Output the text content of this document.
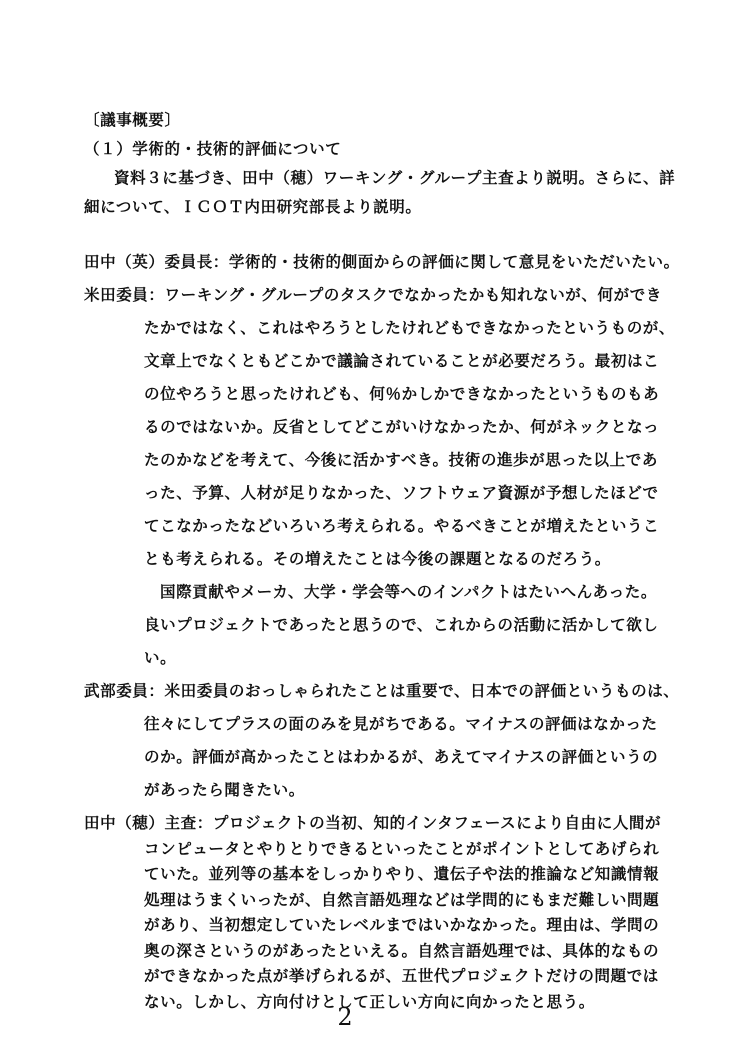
〔議事概要〕
（１）学術的・技術的評価について
資料３に基づき、田中（穂）ワーキング・グループ主査より説明。さらに、詳
細について、ＩＣＯＴ内田研究部長より説明。
田中（英）委員長：学術的・技術的側面からの評価に関して意見をいただいたい。
米田委員：ワーキング・グループのタスクでなかったかも知れないが、何ができ
たかではなく、これはやろうとしたけれどもできなかったというものが、
文章上でなくともどこかで議論されていることが必要だろう。最初はこ
の位やろうと思ったけれども、何％かしかできなかったというものもあ
るのではないか。反省としてどこがいけなかったか、何がネックとなっ
たのかなどを考えて、今後に活かすべき。技術の進歩が思った以上であ
った、予算、人材が足りなかった、ソフトウェア資源が予想したほどで
てこなかったなどいろいろ考えられる。やるべきことが増えたというこ
とも考えられる。その増えたことは今後の課題となるのだろう。
国際貢献やメーカ、大学・学会等へのインパクトはたいへんあった。
良いプロジェクトであったと思うので、これからの活動に活かして欲し
い。
武部委員：米田委員のおっしゃられたことは重要で、日本での評価というものは、
往々にしてプラスの面のみを見がちである。マイナスの評価はなかった
のか。評価が高かったことはわかるが、あえてマイナスの評価というの
があったら聞きたい。
田中（穂）主査：プロジェクトの当初、知的インタフェースにより自由に人間が
コンピュータとやりとりできるといったことがポイントとしてあげられ
ていた。並列等の基本をしっかりやり、遺伝子や法的推論など知識情報
処理はうまくいったが、自然言語処理などは学問的にもまだ難しい問題
があり、当初想定していたレベルまではいかなかった。理由は、学問の
奥の深さというのがあったといえる。自然言語処理では、具体的なもの
ができなかった点が挙げられるが、五世代プロジェクトだけの問題では
ない。しかし、方向付けとして正しい方向に向かったと思う。
2
